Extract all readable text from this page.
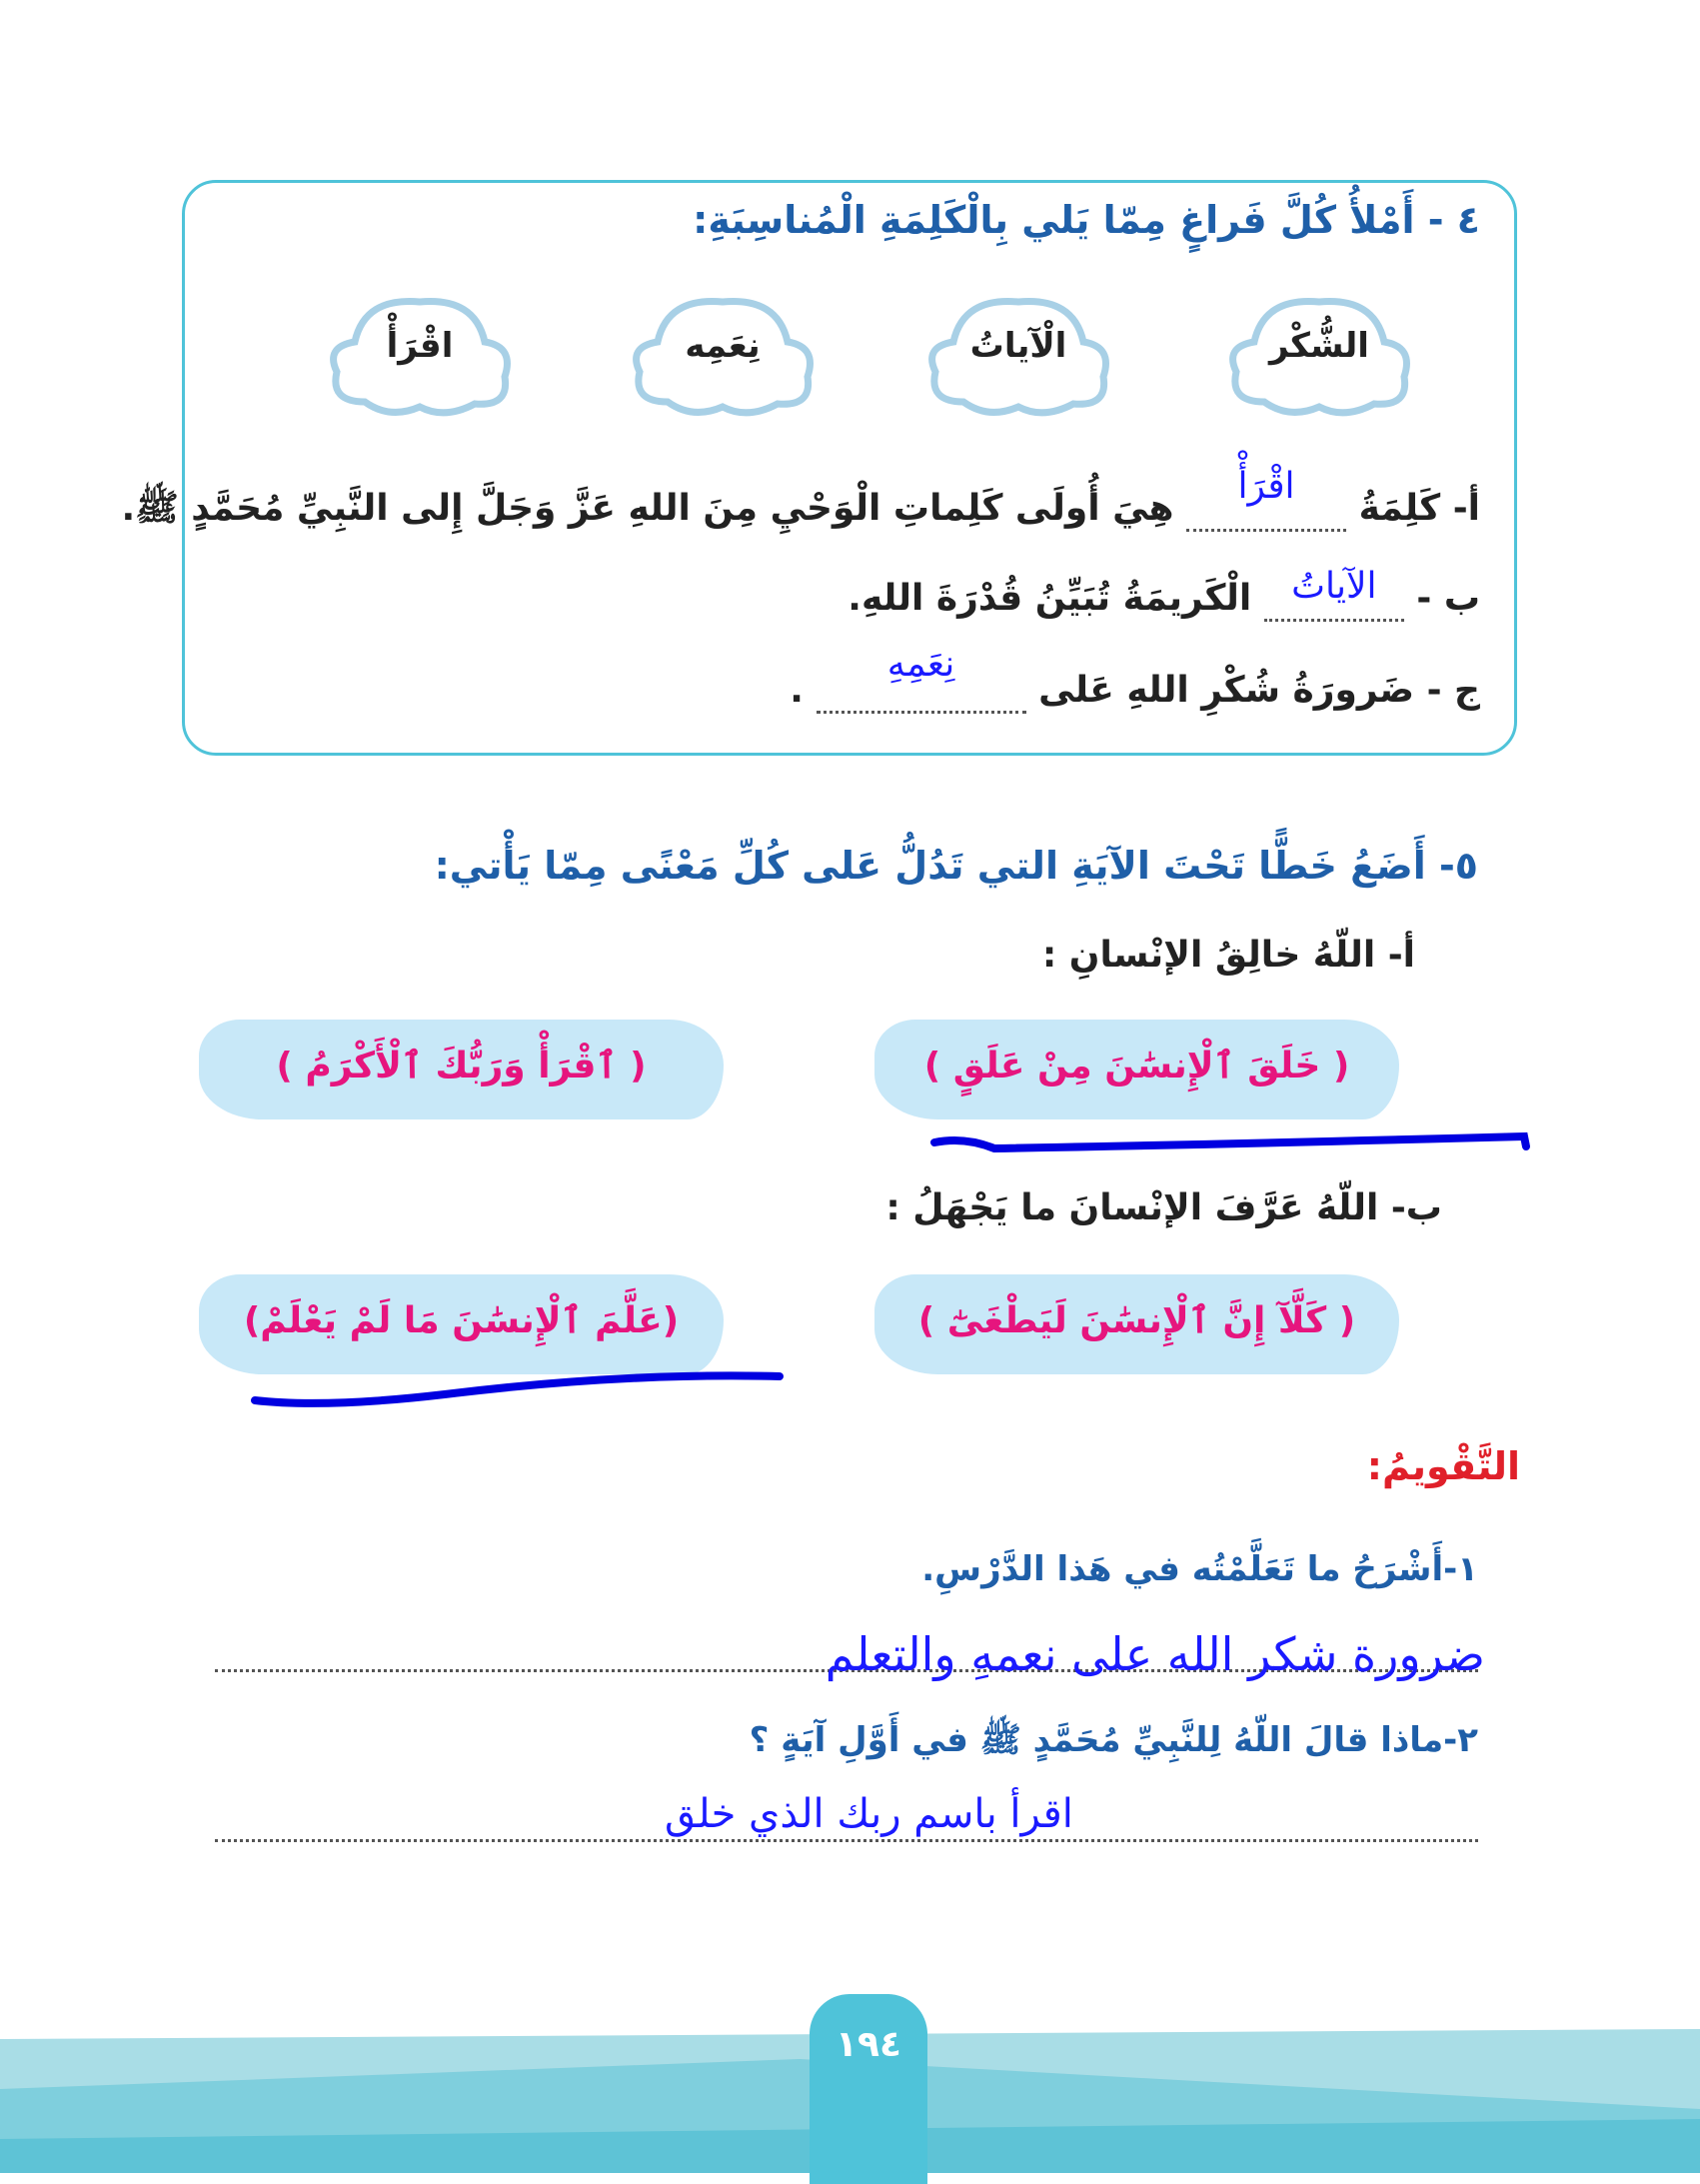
٤ - أَمْلأُ كُلَّ فَراغٍ مِمّا يَلي بِالْكَلِمَةِ الْمُناسِبَةِ:
الشُّكْر
الْآياتُ
نِعَمِه
اقْرَأْ
أ- كَلِمَةُ
اقْرَأْ
هِيَ أُولَى كَلِماتِ الْوَحْيِ مِنَ اللهِ عَزَّ وَجَلَّ إِلى النَّبِيِّ مُحَمَّدٍ ﷺ.
ب -
الآياتُ
الْكَريمَةُ تُبَيِّنُ قُدْرَةَ اللهِ.
ج - ضَرورَةُ شُكْرِ اللهِ عَلى
نِعَمِهِ
.
٥- أَضَعُ خَطًّا تَحْتَ الآيَةِ التي تَدُلُّ عَلى كُلِّ مَعْنًى مِمّا يَأْتي:
أ- اللّهُ خالِقُ الإنْسانِ :
( خَلَقَ ٱلْإِنسَٰنَ مِنْ عَلَقٍ )
( ٱقْرَأْ وَرَبُّكَ ٱلْأَكْرَمُ )
ب- اللّهُ عَرَّفَ الإنْسانَ ما يَجْهَلُ :
( كَلَّآ إِنَّ ٱلْإِنسَٰنَ لَيَطْغَىٰٓ )
(عَلَّمَ ٱلْإِنسَٰنَ مَا لَمْ يَعْلَمْ)
التَّقْويمُ:
١-أَشْرَحُ ما تَعَلَّمْتُه في هَذا الدَّرْسِ.
ضرورة شكر الله على نعمهِ والتعلم
٢-ماذا قالَ اللّهُ لِلنَّبِيِّ مُحَمَّدٍ ﷺ في أَوَّلِ آيَةٍ ؟
اقرأ باسم ربك الذي خلق
١٩٤
